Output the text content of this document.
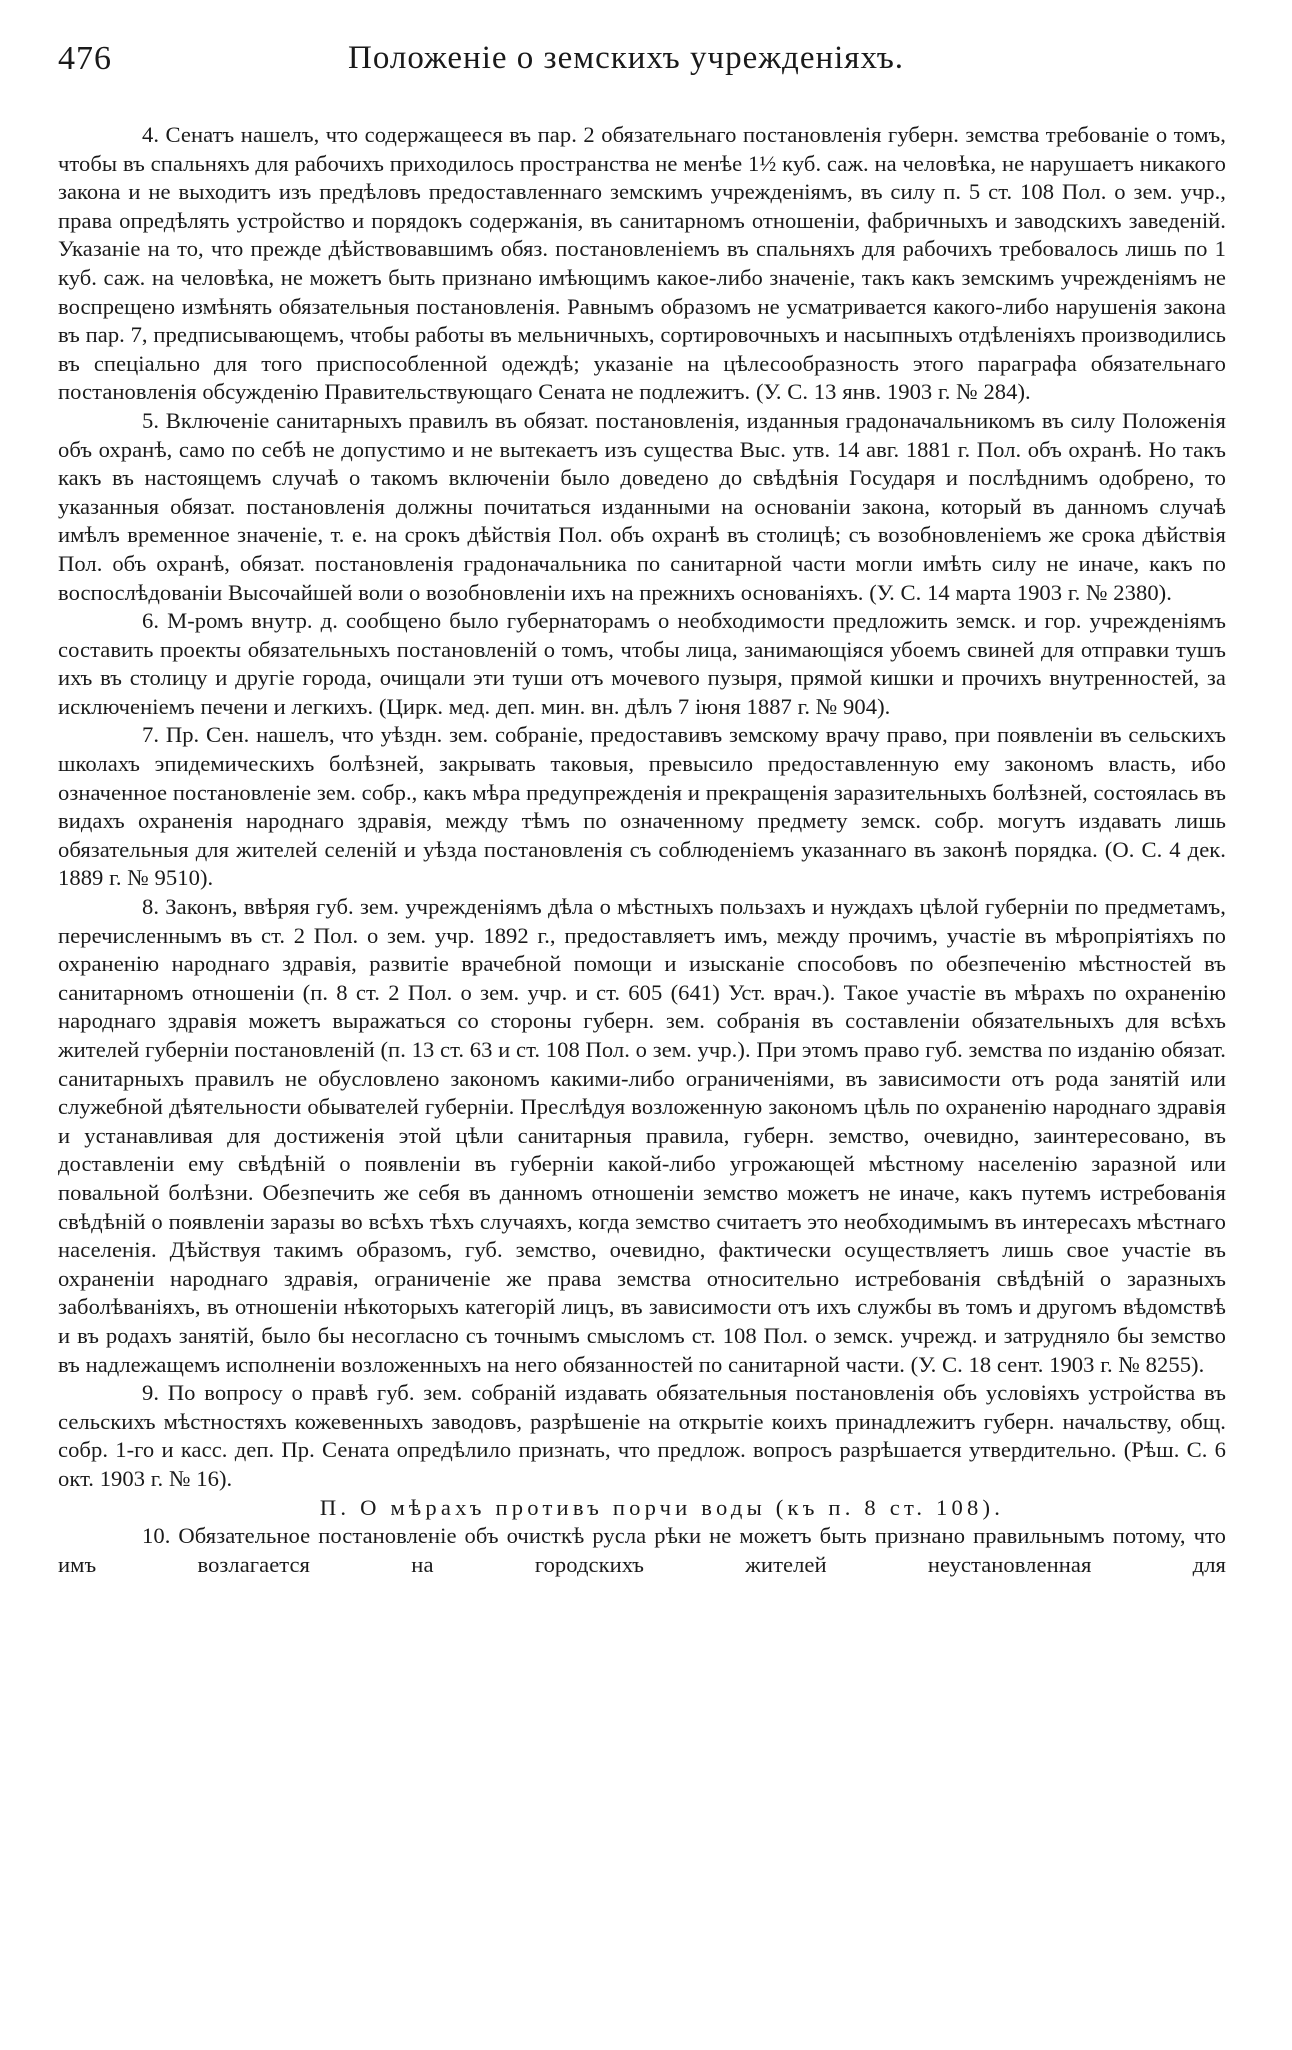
476	Положеніе о земскихъ учрежденіяхъ.

4. Сенатъ нашелъ, что содержащееся въ пар. 2 обязательнаго постановленія губерн. земства требованіе о томъ, чтобы въ спальняхъ для рабочихъ приходилось пространства не менѣе 1½ куб. саж. на человѣка, не нарушаетъ никакого закона и не выходитъ изъ предѣловъ предоставленнаго земскимъ учрежденіямъ, въ силу п. 5 ст. 108 Пол. о зем. учр., права опредѣлять устройство и порядокъ содержанія, въ санитарномъ отношеніи, фабричныхъ и заводскихъ заведеній. Указаніе на то, что прежде дѣйствовавшимъ обяз. постановленіемъ въ спальняхъ для рабочихъ требовалось лишь по 1 куб. саж. на человѣка, не можетъ быть признано имѣющимъ какое-либо значеніе, такъ какъ земскимъ учрежденіямъ не воспрещено измѣнять обязательныя постановленія. Равнымъ образомъ не усматривается какого-либо нарушенія закона въ пар. 7, предписывающемъ, чтобы работы въ мельничныхъ, сортировочныхъ и насыпныхъ отдѣленіяхъ производились въ спеціально для того приспособленной одеждѣ; указаніе на цѣлесообразность этого параграфа обязательнаго постановленія обсужденію Правительствующаго Сената не подлежитъ. (У. С. 13 янв. 1903 г. № 284).

5. Включеніе санитарныхъ правилъ въ обязат. постановленія, изданныя градоначальникомъ въ силу Положенія объ охранѣ, само по себѣ не допустимо и не вытекаетъ изъ существа Выс. утв. 14 авг. 1881 г. Пол. объ охранѣ. Но такъ какъ въ настоящемъ случаѣ о такомъ включеніи было доведено до свѣдѣнія Государя и послѣднимъ одобрено, то указанныя обязат. постановленія должны почитаться изданными на основаніи закона, который въ данномъ случаѣ имѣлъ временное значеніе, т. е. на срокъ дѣйствія Пол. объ охранѣ въ столицѣ; съ возобновленіемъ же срока дѣйствія Пол. объ охранѣ, обязат. постановленія градоначальника по санитарной части могли имѣть силу не иначе, какъ по воспослѣдованіи Высочайшей воли о возобновленіи ихъ на прежнихъ основаніяхъ. (У. С. 14 марта 1903 г. № 2380).

6. М-ромъ внутр. д. сообщено было губернаторамъ о необходимости предложить земск. и гор. учрежденіямъ составить проекты обязательныхъ постановленій о томъ, чтобы лица, занимающіяся убоемъ свиней для отправки тушъ ихъ въ столицу и другіе города, очищали эти туши отъ мочевого пузыря, прямой кишки и прочихъ внутренностей, за исключеніемъ печени и легкихъ. (Цирк. мед. деп. мин. вн. дѣлъ 7 іюня 1887 г. № 904).

7. Пр. Сен. нашелъ, что уѣздн. зем. собраніе, предоставивъ земскому врачу право, при появленіи въ сельскихъ школахъ эпидемическихъ болѣзней, закрывать таковыя, превысило предоставленную ему закономъ власть, ибо означенное постановленіе зем. собр., какъ мѣра предупрежденія и прекращенія заразительныхъ болѣзней, состоялась въ видахъ охраненія народнаго здравія, между тѣмъ по означенному предмету земск. собр. могутъ издавать лишь обязательныя для жителей селеній и уѣзда постановленія съ соблюденіемъ указаннаго въ законѣ порядка. (О. С. 4 дек. 1889 г. № 9510).

8. Законъ, ввѣряя губ. зем. учрежденіямъ дѣла о мѣстныхъ пользахъ и нуждахъ цѣлой губерніи по предметамъ, перечисленнымъ въ ст. 2 Пол. о зем. учр. 1892 г., предоставляетъ имъ, между прочимъ, участіе въ мѣропріятіяхъ по охраненію народнаго здравія, развитіе врачебной помощи и изысканіе способовъ по обезпеченію мѣстностей въ санитарномъ отношеніи (п. 8 ст. 2 Пол. о зем. учр. и ст. 605 (641) Уст. врач.). Такое участіе въ мѣрахъ по охраненію народнаго здравія можетъ выражаться со стороны губерн. зем. собранія въ составленіи обязательныхъ для всѣхъ жителей губерніи постановленій (п. 13 ст. 63 и ст. 108 Пол. о зем. учр.). При этомъ право губ. земства по изданію обязат. санитарныхъ правилъ не обусловлено закономъ какими-либо ограниченіями, въ зависимости отъ рода занятій или служебной дѣятельности обывателей губерніи. Преслѣдуя возложенную закономъ цѣль по охраненію народнаго здравія и устанавливая для достиженія этой цѣли санитарныя правила, губерн. земство, очевидно, заинтересовано, въ доставленіи ему свѣдѣній о появленіи въ губерніи какой-либо угрожающей мѣстному населенію заразной или повальной болѣзни. Обезпечить же себя въ данномъ отношеніи земство можетъ не иначе, какъ путемъ истребованія свѣдѣній о появленіи заразы во всѣхъ тѣхъ случаяхъ, когда земство считаетъ это необходимымъ въ интересахъ мѣстнаго населенія. Дѣйствуя такимъ образомъ, губ. земство, очевидно, фактически осуществляетъ лишь свое участіе въ охраненіи народнаго здравія, ограниченіе же права земства относительно истребованія свѣдѣній о заразныхъ заболѣваніяхъ, въ отношеніи нѣкоторыхъ категорій лицъ, въ зависимости отъ ихъ службы въ томъ и другомъ вѣдомствѣ и въ родахъ занятій, было бы несогласно съ точнымъ смысломъ ст. 108 Пол. о земск. учрежд. и затрудняло бы земство въ надлежащемъ исполненіи возложенныхъ на него обязанностей по санитарной части. (У. С. 18 сент. 1903 г. № 8255).

9. По вопросу о правѣ губ. зем. собраній издавать обязательныя постановленія объ условіяхъ устройства въ сельскихъ мѣстностяхъ кожевенныхъ заводовъ, разрѣшеніе на открытіе коихъ принадлежитъ губерн. начальству, общ. собр. 1-го и касс. деп. Пр. Сената опредѣлило признать, что предлож. вопросъ разрѣшается утвердительно. (Рѣш. С. 6 окт. 1903 г. № 16).

П. О мѣрахъ противъ порчи воды (къ п. 8 ст. 108).

10. Обязательное постановленіе объ очисткѣ русла рѣки не можетъ быть признано правильнымъ потому, что имъ возлагается на городскихъ жителей неустановленная для
